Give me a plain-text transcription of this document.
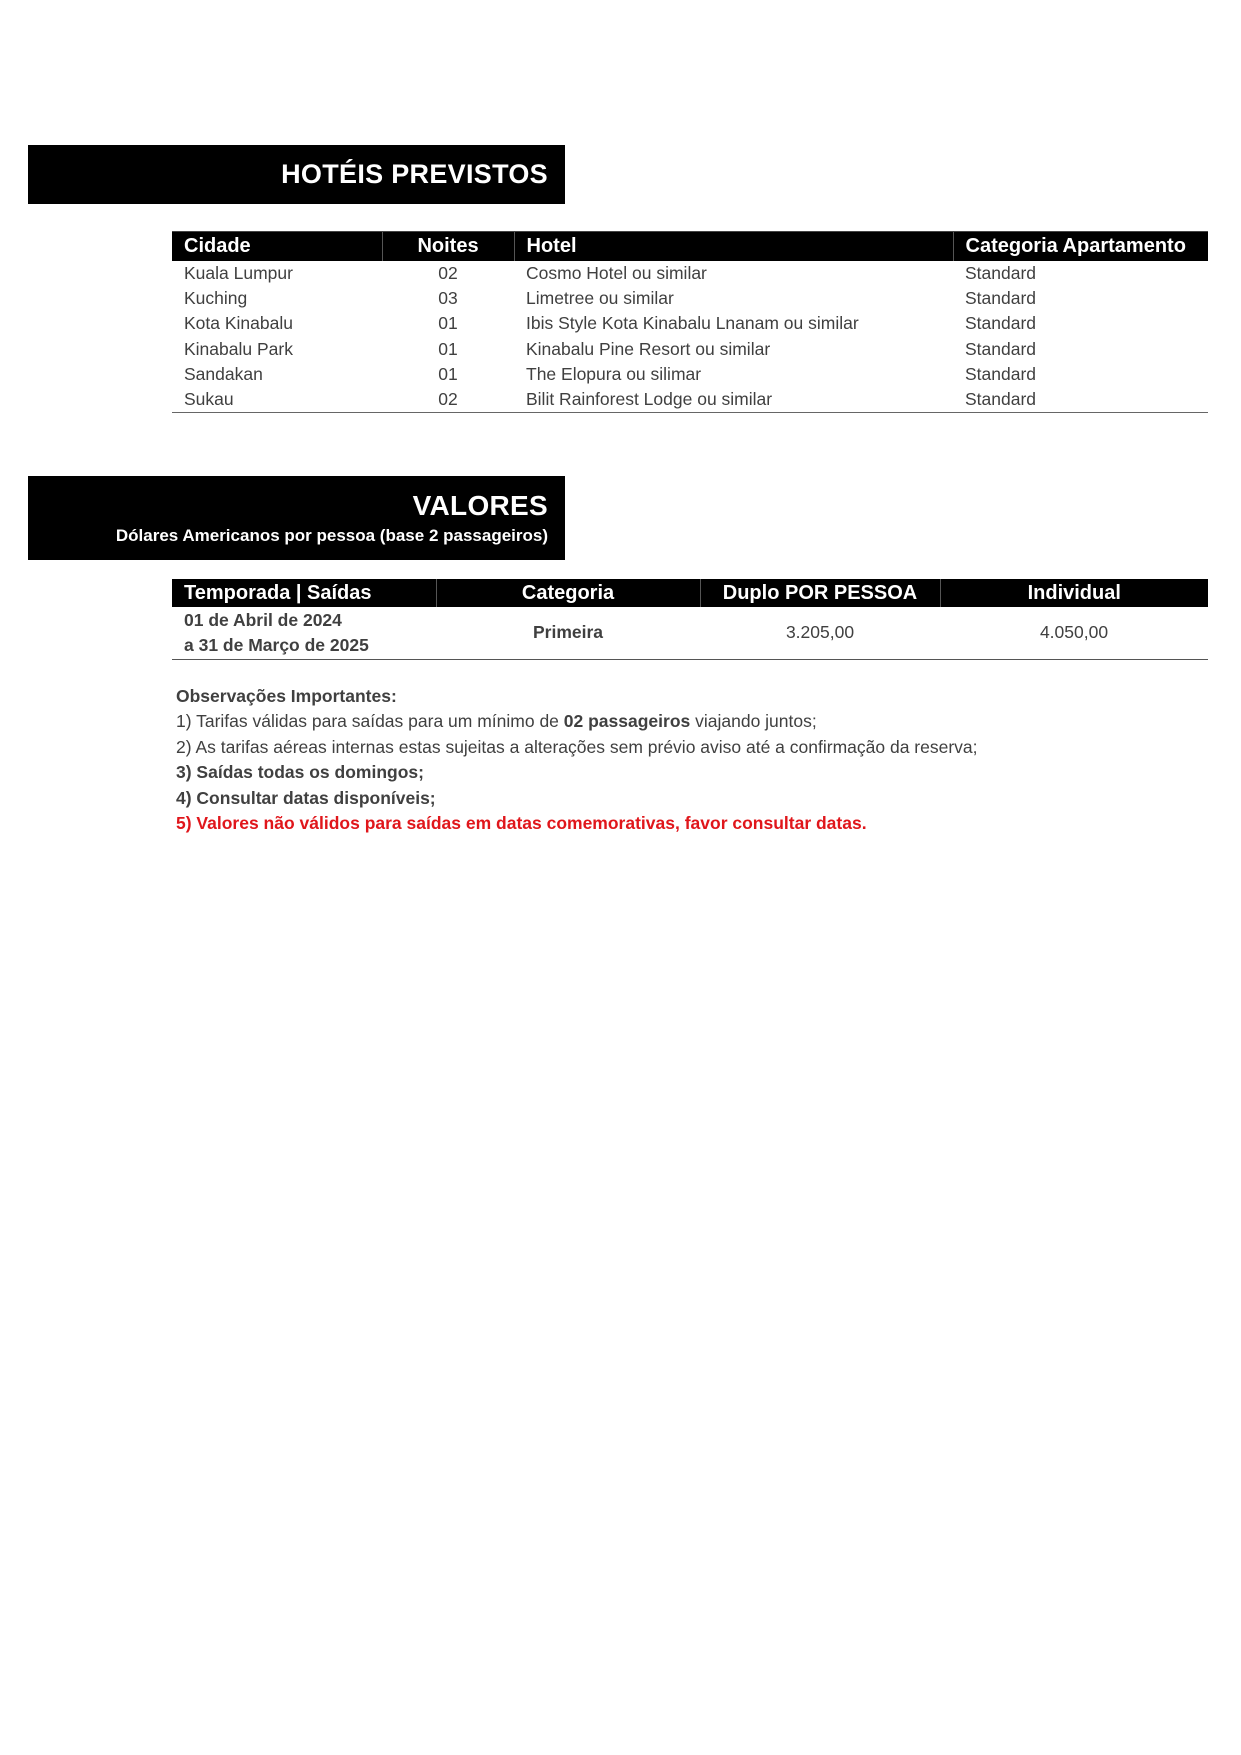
HOTÉIS PREVISTOS
Cidade	Noites	Hotel	Categoria Apartamento
Kuala Lumpur	02	Cosmo Hotel ou similar	Standard
Kuching	03	Limetree ou similar	Standard
Kota Kinabalu	01	Ibis Style Kota Kinabalu Lnanam ou similar	Standard
Kinabalu Park	01	Kinabalu Pine Resort ou similar	Standard
Sandakan	01	The Elopura ou silimar	Standard
Sukau	02	Bilit Rainforest Lodge ou similar	Standard
VALORES
Dólares Americanos por pessoa (base 2 passageiros)
Temporada | Saídas	Categoria	Duplo POR PESSOA	Individual

01 de Abril de 2024
a 31 de Março de 2025	Primeira	3.205,00	4.050,00

Observações Importantes:

1) Tarifas válidas para saídas para um mínimo de 02 passageiros viajando juntos;

2) As tarifas aéreas internas estas sujeitas a alterações sem prévio aviso até a confirmação da reserva;

3) Saídas todas os domingos;

4) Consultar datas disponíveis;

5) Valores não válidos para saídas em datas comemorativas, favor consultar datas.
